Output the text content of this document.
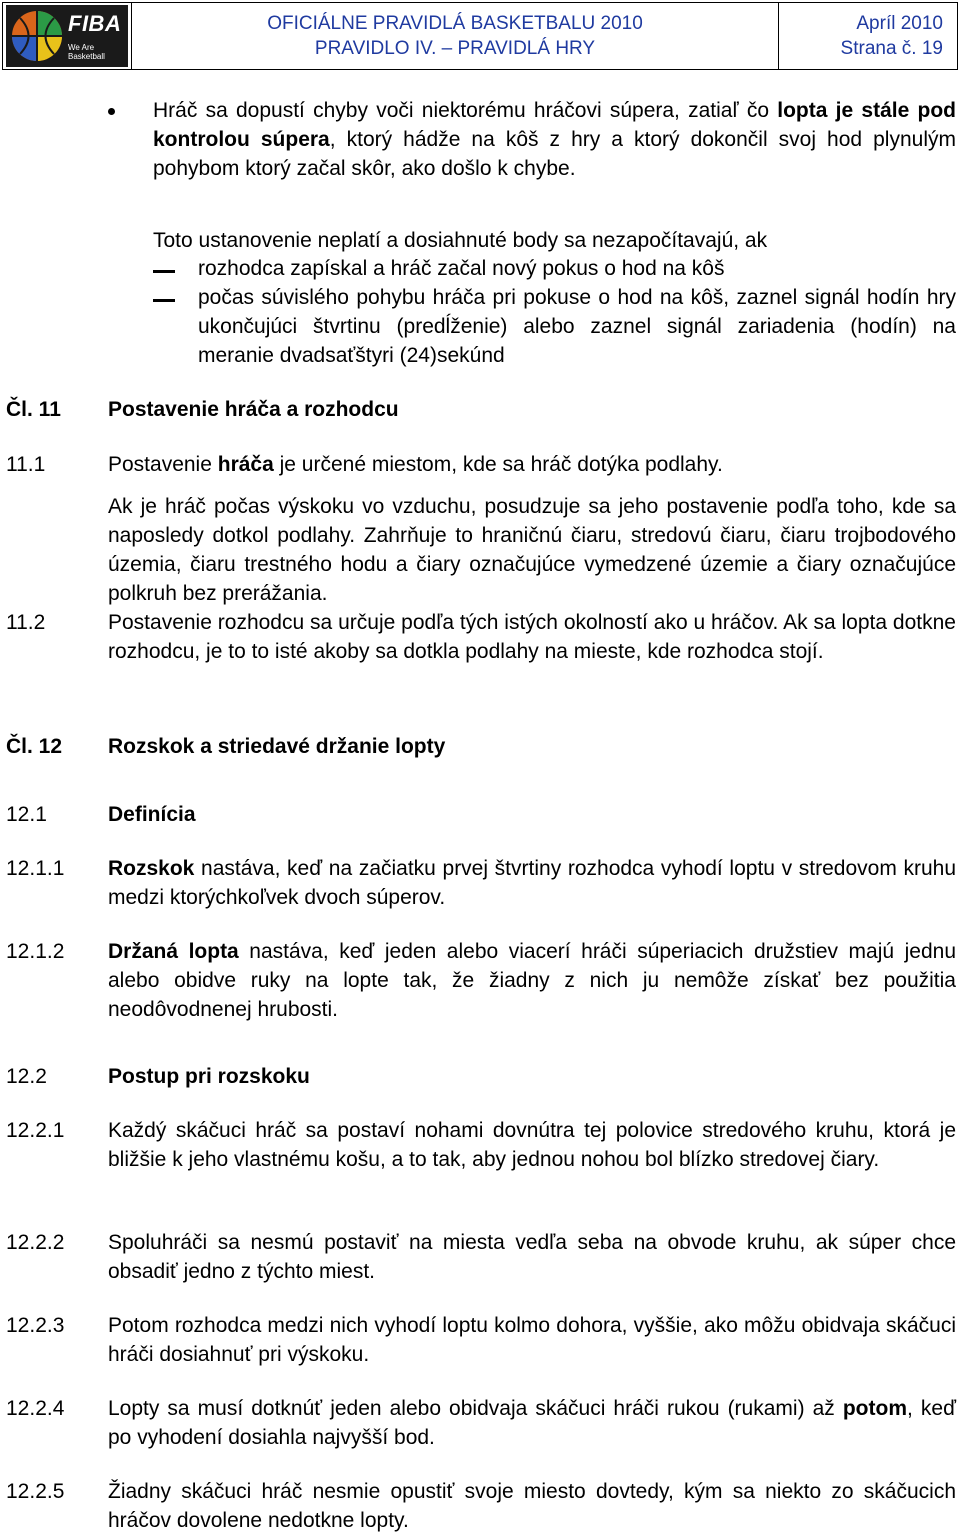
FIBA
We Are Basketball
OFICIÁLNE PRAVIDLÁ BASKETBALU 2010
PRAVIDLO IV. – PRAVIDLÁ HRY
Apríl 2010
Strana č. 19
Hráč sa dopustí chyby voči niektorému hráčovi súpera, zatiaľ čo lopta je stále pod kontrolou súpera, ktorý hádže na kôš z hry a ktorý dokončil svoj hod plynulým pohybom ktorý začal skôr, ako došlo k chybe.
Toto ustanovenie neplatí a dosiahnuté body sa nezapočítavajú, ak
rozhodca zapískal a hráč začal nový pokus o hod na kôš
počas súvislého pohybu hráča pri pokuse o hod na kôš, zaznel signál hodín hry ukončujúci štvrtinu (predĺženie) alebo zaznel signál zariadenia (hodín) na meranie dvadsaťštyri (24)sekúnd
Čl. 11 Postavenie hráča a rozhodcu
11.1	Postavenie hráča je určené miestom, kde sa hráč dotýka podlahy.
Ak je hráč počas výskoku vo vzduchu, posudzuje sa jeho postavenie podľa toho, kde sa naposledy dotkol podlahy. Zahrňuje to hraničnú čiaru, stredovú čiaru, čiaru trojbodového územia, čiaru trestného hodu a čiary označujúce vymedzené územie a čiary označujúce polkruh bez prerážania.
11.2	Postavenie rozhodcu sa určuje podľa tých istých okolností ako u hráčov. Ak sa lopta dotkne rozhodcu, je to to isté akoby sa dotkla podlahy na mieste, kde rozhodca stojí.
Čl. 12 Rozskok a striedavé držanie lopty
12.1	Definícia
12.1.1 Rozskok nastáva, keď na začiatku prvej štvrtiny rozhodca vyhodí loptu v stredovom kruhu medzi ktorýchkoľvek dvoch súperov.
12.1.2 Držaná lopta nastáva, keď jeden alebo viacerí hráči súperiacich družstiev majú jednu alebo obidve ruky na lopte tak, že žiadny z nich ju nemôže získať bez použitia neodôvodnenej hrubosti.
12.2	Postup pri rozskoku
12.2.1 Každý skáčuci hráč sa postaví nohami dovnútra tej polovice stredového kruhu, ktorá je bližšie k jeho vlastnému košu, a to tak, aby jednou nohou bol blízko stredovej čiary.
12.2.2 Spoluhráči sa nesmú postaviť na miesta vedľa seba na obvode kruhu, ak súper chce obsadiť jedno z týchto miest.
12.2.3 Potom rozhodca medzi nich vyhodí loptu kolmo dohora, vyššie, ako môžu obidvaja skáčuci hráči dosiahnuť pri výskoku.
12.2.4 Lopty sa musí dotknúť jeden alebo obidvaja skáčuci hráči rukou (rukami) až potom, keď po vyhodení dosiahla najvyšší bod.
12.2.5 Žiadny skáčuci hráč nesmie opustiť svoje miesto dovtedy, kým sa niekto zo skáčucich hráčov dovolene nedotkne lopty.
